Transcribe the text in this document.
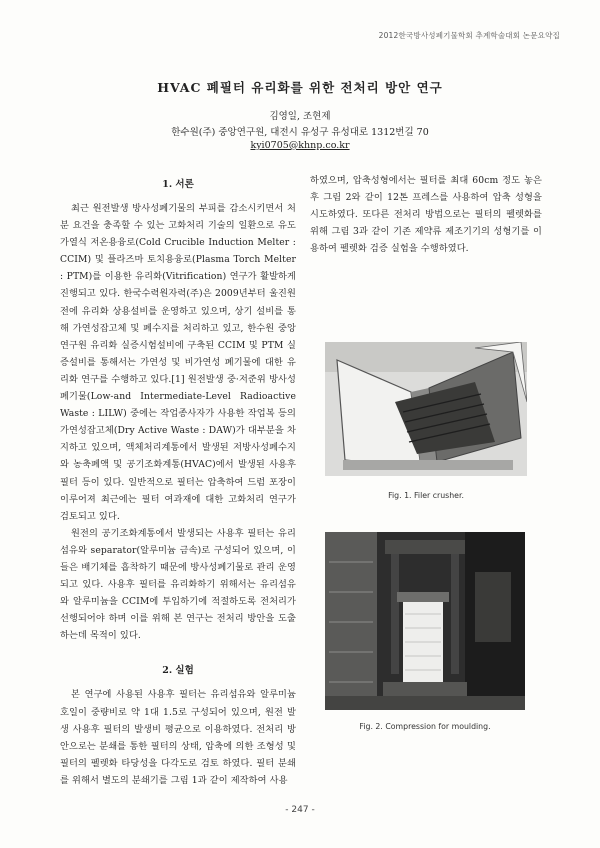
2012한국방사성폐기물학회 추계학술대회 논문요약집
HVAC 폐필터 유리화를 위한 전처리 방안 연구
김영일, 조현제
한수원(주) 중앙연구원, 대전시 유성구 유성대로 1312번길 70
kyi0705@khnp.co.kr
1. 서론

최근 원전발생 방사성폐기물의 부피를 감소시키면서 처분 요건을 충족할 수 있는 고화처리 기술의 일환으로 유도가열식 저온용융로(Cold Crucible Induction Melter : CCIM) 및 플라즈마 토치용융로(Plasma Torch Melter : PTM)를 이용한 유리화(Vitrification) 연구가 활발하게 진행되고 있다. 한국수력원자력(주)은 2009년부터 울진원전에 유리화 상용설비를 운영하고 있으며, 상기 설비를 통해 가연성잡고체 및 폐수지를 처리하고 있고, 한수원 중앙연구원 유리화 실증시험설비에 구축된 CCIM 및 PTM 실증설비를 통해서는 가연성 및 비가연성 폐기물에 대한 유리화 연구를 수행하고 있다.[1] 원전발생 중·저준위 방사성폐기물(Low-and Intermediate-Level Radioactive Waste : LILW) 중에는 작업종사자가 사용한 작업복 등의 가연성잡고체(Dry Active Waste : DAW)가 대부분을 차지하고 있으며, 액체처리계통에서 발생된 저방사성폐수지와 농축폐액 및 공기조화계통(HVAC)에서 발생된 사용후 필터 등이 있다. 일반적으로 필터는 압축하여 드럼 포장이 이루어져 최근에는 필터 여과재에 대한 고화처리 연구가 검토되고 있다.

원전의 공기조화계통에서 발생되는 사용후 필터는 유리섬유와 separator(알루미늄 금속)로 구성되어 있으며, 이들은 배기체를 흡착하기 때문에 방사성폐기물로 관리 운영되고 있다. 사용후 필터를 유리화하기 위해서는 유리섬유와 알루미늄을 CCIM에 투입하기에 적절하도록 전처리가 선행되어야 하며 이를 위해 본 연구는 전처리 방안을 도출하는데 목적이 있다.

2. 실험

본 연구에 사용된 사용후 필터는 유리섬유와 알루미늄 호일이 중량비로 약 1대 1.5로 구성되어 있으며, 원전 발생 사용후 필터의 발생비 평균으로 이용하였다. 전처리 방안으로는 분쇄를 통한 필터의 상태, 압축에 의한 조형성 및 필터의 펠렛화 타당성을 다각도로 검토 하였다. 필터 분쇄를 위해서 별도의 분쇄기를 그림 1과 같이 제작하여 사용

하였으며, 압축성형에서는 필터를 최대 60cm 정도 놓은 후 그림 2와 같이 12톤 프레스를 사용하여 압축 성형을 시도하였다. 또다른 전처리 방법으로는 필터의 펠렛화를 위해 그림 3과 같이 기존 제약류 제조기기의 성형기를 이용하여 펠렛화 검증 실험을 수행하였다.

Fig. 1. Filer crusher.
Fig. 2. Compression for moulding.
- 247 -
